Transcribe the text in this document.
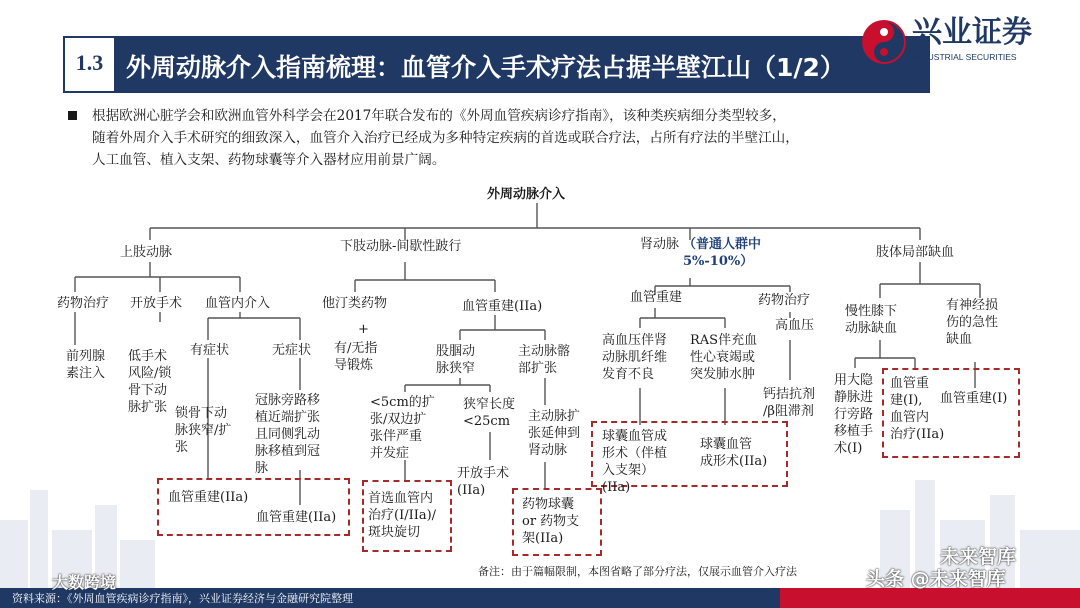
1.3 外周动脉介入指南梳理：血管介入手术疗法占据半壁江山（1/2）
兴业证券
INDUSTRIAL SECURITIES
根据欧洲心脏学会和欧洲血管外科学会在2017年联合发布的《外周血管疾病诊疗指南》，该种类疾病细分类型较多，
随着外周介入手术研究的细致深入，血管介入治疗已经成为多种特定疾病的首选或联合疗法，占所有疗法的半壁江山，
人工血管、植入支架、药物球囊等介入器材应用前景广阔。
外周动脉介入
上肢动脉
药物治疗 开放手术 血管内介入
前列腺
素注入
低手术
风险/锁
骨下动
脉扩张
有症状	无症状
锁骨下动
脉狭窄/扩
张
冠脉旁路移
植近端扩张
且同侧乳动
脉移植到冠
脉
血管重建(IIa)
血管重建(IIa)
下肢动脉-间歇性跛行
他汀类药物
+
有/无指
导锻炼
血管重建(IIa)
股腘动
脉狭窄
主动脉髂
部扩张
<5cm的扩
张/双边扩
张伴严重
并发症
狭窄长度
<25cm	主动脉扩
张延伸到
肾动脉
开放手术
(IIa)
首选血管内
治疗(I/IIa)/
斑块旋切
药物球囊
or 药物支
架(IIa)
肾动脉 （普通人群中
5%-10%）
血管重建	药物治疗
高血压
高血压伴肾
动脉肌纤维
发育不良
RAS伴充血
性心衰竭或
突发肺水肿
钙拮抗剂
/β阻滞剂
球囊血管成
形术（伴植
入支架）
(IIa)
球囊血管
成形术(IIa)
肢体局部缺血
慢性膝下
动脉缺血
有神经损
伤的急性
缺血
用大隐
静脉进
行旁路
移植手
术(I)
血管重
建(I),
血管内
治疗(IIa)
血管重建(I)
备注：由于篇幅限制，本图省略了部分疗法，仅展示血管介入疗法
资料来源：《外周血管疾病诊疗指南》，兴业证券经济与金融研究院整理
大数跨境
未来智库
头条 @未来智库
